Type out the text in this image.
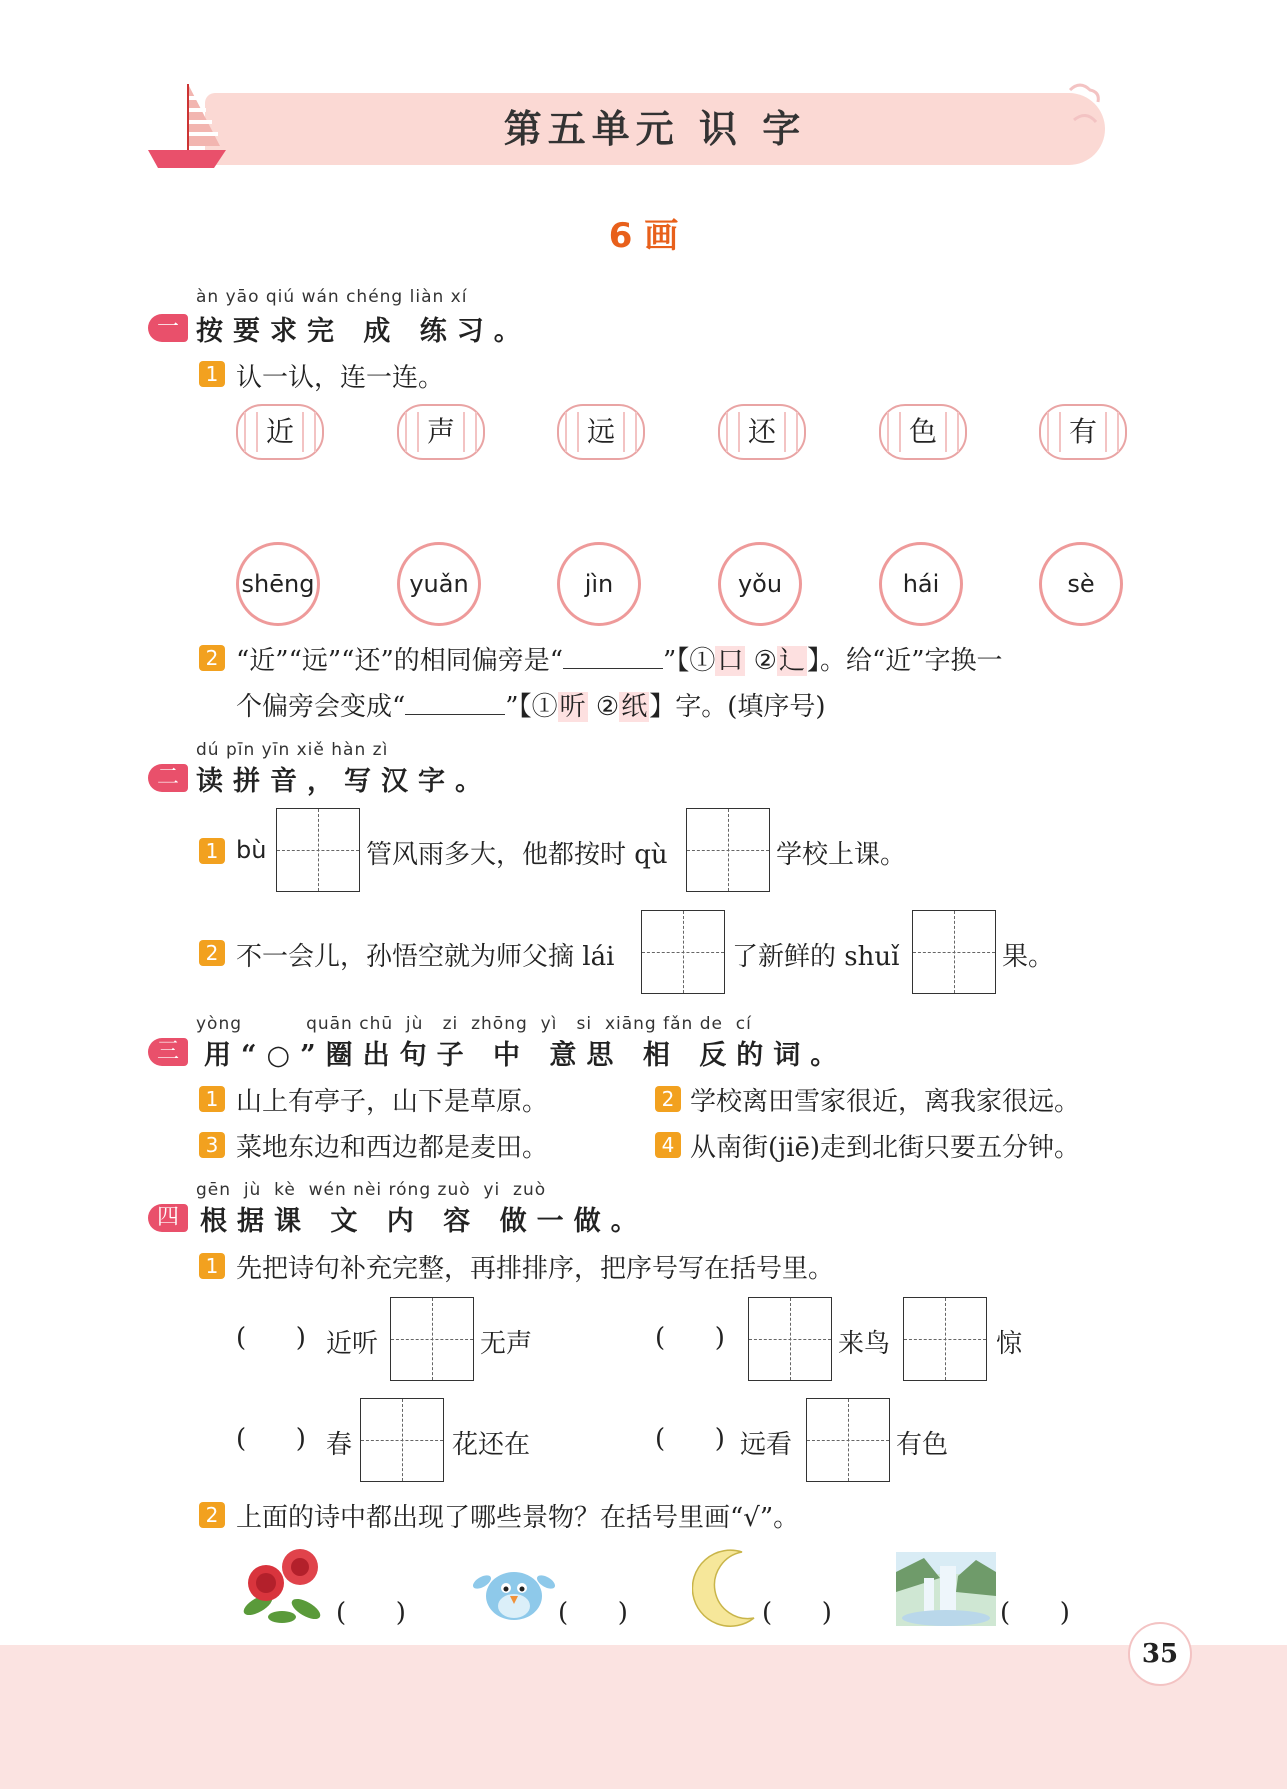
第五单元 识 字
6 画
àn yāo qiú wán chéng liàn xí
一 按要求完 成 练习。
1 认一认，连一连。
近	声	远	还	色	有
shēng	yuǎn	jìn	yǒu	hái	sè
2 “近”“远”“还”的相同偏旁是“	”【①口 ②辶】。给“近”字换一
个偏旁会变成“	”【①听 ②纸】字。(填序号)
dú pīn yīn xiě hàn zì
二 读拼音，写汉字。
1 bù	管风雨多大，他都按时 qù	学校上课。
2 不一会儿，孙悟空就为师父摘 lái	了新鲜的 shuǐ	果。
yòng          quān chū  jù   zi  zhōng  yì   si  xiāng fǎn de  cí
三 用“○”圈出句子 中 意思 相 反的词。
1 山上有亭子，山下是草原。	2 学校离田雪家很近，离我家很远。
3 菜地东边和西边都是麦田。	4 从南街(jiē)走到北街只要五分钟。
gēn  jù  kè  wén nèi róng zuò  yi  zuò
四 根据课 文 内 容 做一做。
1 先把诗句补充完整，再排排序，把序号写在括号里。
(      ) 近听	无声	(      )	来鸟	惊
(      ) 春	花还在	(      ) 远看	有色
2 上面的诗中都出现了哪些景物？在括号里画“√”。
(      )	(      )	(      )	(      )
35
